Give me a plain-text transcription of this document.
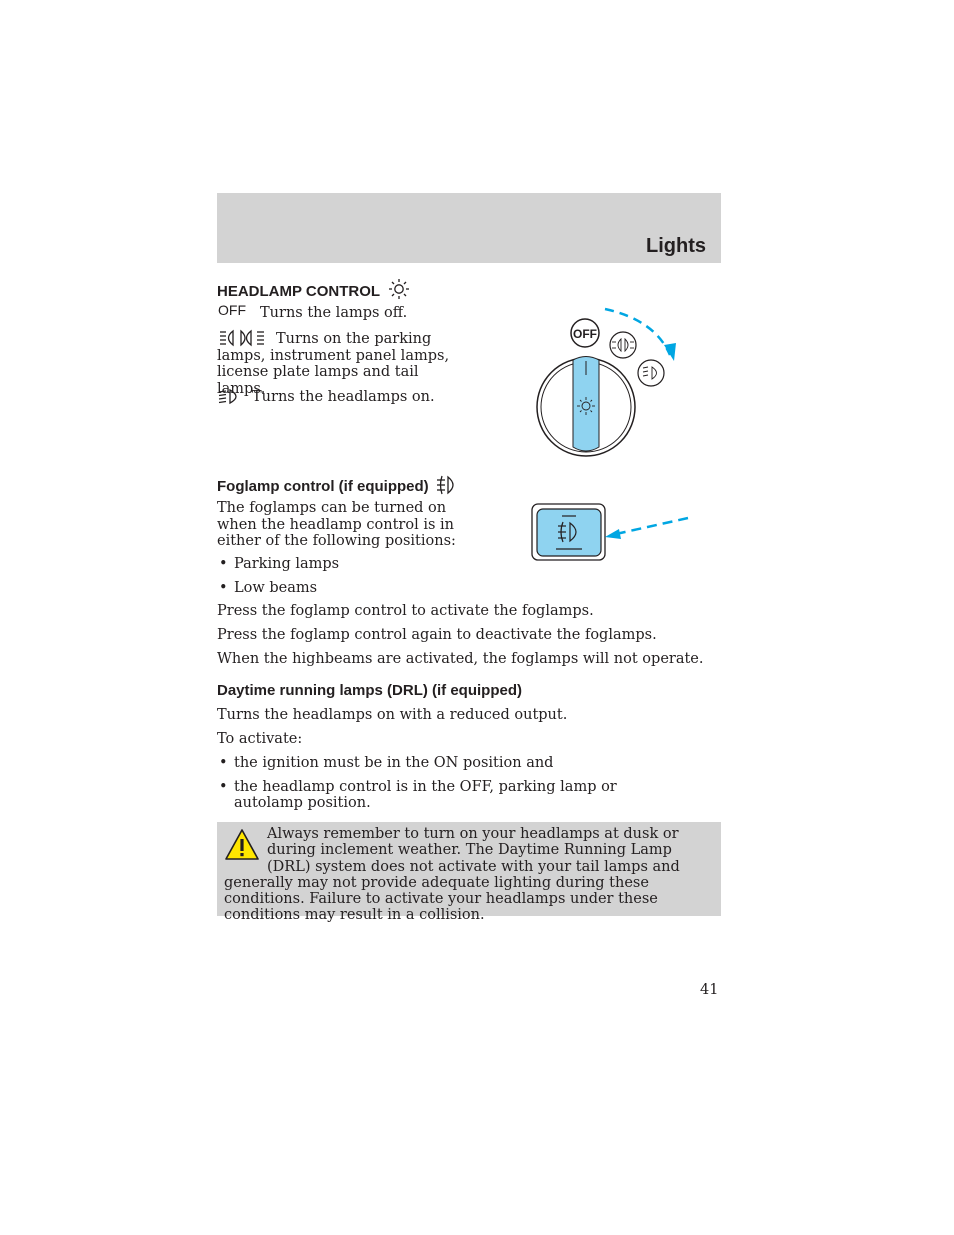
Lights
HEADLAMP CONTROL
OFF Turns the lamps off.
Turns on the parking lamps, instrument panel lamps, license plate lamps and tail lamps.
Turns the headlamps on.
OFF
Foglamp control (if equipped)
The foglamps can be turned on when the headlamp control is in either of the following positions:
• Parking lamps
• Low beams
Press the foglamp control to activate the foglamps.
Press the foglamp control again to deactivate the foglamps.
When the highbeams are activated, the foglamps will not operate.
Daytime running lamps (DRL) (if equipped)
Turns the headlamps on with a reduced output.
To activate:
• the ignition must be in the ON position and
• the headlamp control is in the OFF, parking lamp or autolamp position.
Always remember to turn on your headlamps at dusk or during inclement weather. The Daytime Running Lamp (DRL) system does not activate with your tail lamps and generally may not provide adequate lighting during these conditions. Failure to activate your headlamps under these conditions may result in a collision.
41
